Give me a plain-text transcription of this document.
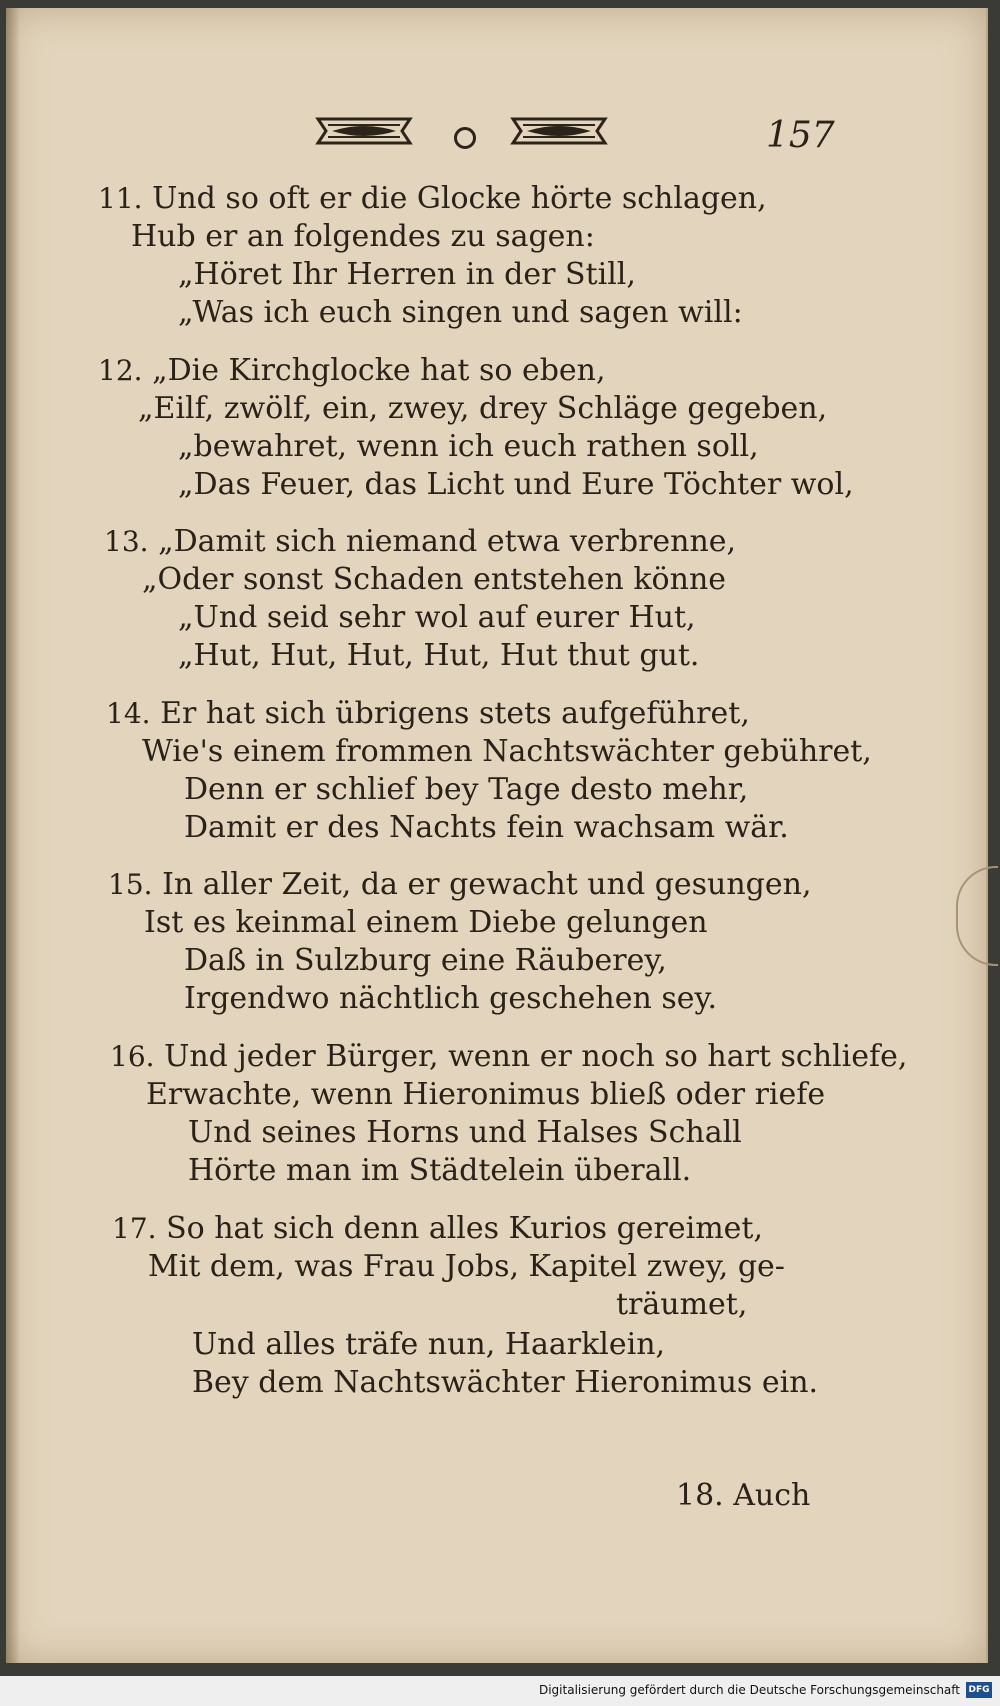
157
11. Und so oft er die Glocke hörte schlagen,
Hub er an folgendes zu sagen:
„Höret Ihr Herren in der Still,
„Was ich euch singen und sagen will:
12. „Die Kirchglocke hat so eben,
„Eilf, zwölf, ein, zwey, drey Schläge gegeben,
„bewahret, wenn ich euch rathen soll,
„Das Feuer, das Licht und Eure Töchter wol,
13. „Damit sich niemand etwa verbrenne,
„Oder sonst Schaden entstehen könne
„Und seid sehr wol auf eurer Hut,
„Hut, Hut, Hut, Hut, Hut thut gut.
14. Er hat sich übrigens stets aufgeführet,
Wie's einem frommen Nachtswächter gebühret,
Denn er schlief bey Tage desto mehr,
Damit er des Nachts fein wachsam wär.
15. In aller Zeit, da er gewacht und gesungen,
Ist es keinmal einem Diebe gelungen
Daß in Sulzburg eine Räuberey,
Irgendwo nächtlich geschehen sey.
16. Und jeder Bürger, wenn er noch so hart schliefe,
Erwachte, wenn Hieronimus bließ oder riefe
Und seines Horns und Halses Schall
Hörte man im Städtelein überall.
17. So hat sich denn alles Kurios gereimet,
Mit dem, was Frau Jobs, Kapitel zwey, ge-
träumet,
Und alles träfe nun, Haarklein,
Bey dem Nachtswächter Hieronimus ein.
18. Auch
Digitalisierung gefördert durch die Deutsche Forschungsgemeinschaft DFG
